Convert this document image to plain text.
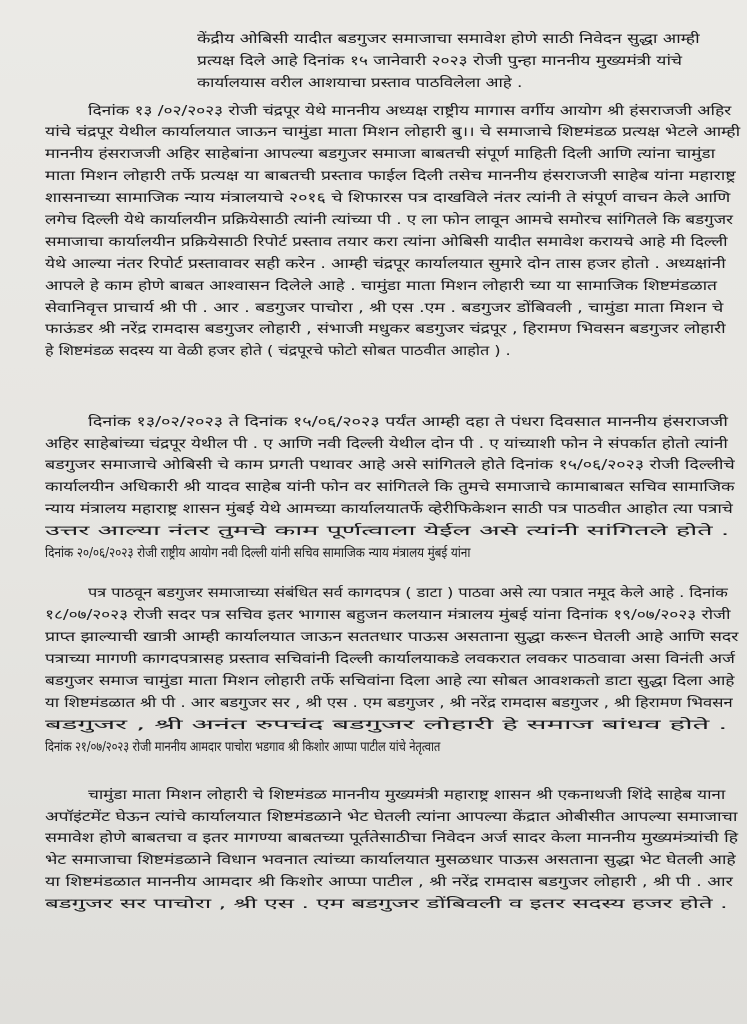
केंद्रीय ओबिसी यादीत बडगुजर समाजाचा समावेश होणे साठी निवेदन सुद्धा आम्ही
प्रत्यक्ष दिले आहे दिनांक १५ जानेवारी २०२३ रोजी पुन्हा माननीय मुख्यमंत्री यांचे
कार्यालयास वरील आशयाचा प्रस्ताव पाठविलेला आहे .
दिनांक १३ /०२/२०२३ रोजी चंद्रपूर येथे माननीय अध्यक्ष राष्ट्रीय मागास वर्गीय आयोग श्री हंसराजजी अहिर
यांचे चंद्रपूर येथील कार्यालयात जाऊन चामुंडा माता मिशन लोहारी बु।। चे समाजाचे शिष्टमंडळ प्रत्यक्ष भेटले आम्ही
माननीय हंसराजजी अहिर साहेबांना आपल्या बडगुजर समाजा बाबतची संपूर्ण माहिती दिली आणि त्यांना चामुंडा
माता मिशन लोहारी तर्फे प्रत्यक्ष या बाबतची प्रस्ताव फाईल दिली तसेच माननीय हंसराजजी साहेब यांना महाराष्ट्र
शासनाच्या सामाजिक न्याय मंत्रालयाचे २०१६ चे शिफारस पत्र दाखविले नंतर त्यांनी ते संपूर्ण वाचन केले आणि
लगेच दिल्ली येथे कार्यालयीन प्रक्रियेसाठी त्यांनी त्यांच्या पी . ए ला फोन लावून आमचे समोरच सांगितले कि बडगुजर
समाजाचा कार्यालयीन प्रक्रियेसाठी रिपोर्ट प्रस्ताव तयार करा त्यांना ओबिसी यादीत समावेश करायचे आहे मी दिल्ली
येथे आल्या नंतर रिपोर्ट प्रस्तावावर सही करेन . आम्ही चंद्रपूर कार्यालयात सुमारे दोन तास हजर होतो . अध्यक्षांनी
आपले हे काम होणे बाबत आश्वासन दिलेले आहे . चामुंडा माता मिशन लोहारी च्या या सामाजिक शिष्टमंडळात
सेवानिवृत्त प्राचार्य श्री पी . आर . बडगुजर पाचोरा , श्री एस .एम . बडगुजर डोंबिवली , चामुंडा माता मिशन चे
फाऊंडर श्री नरेंद्र रामदास बडगुजर लोहारी , संभाजी मधुकर बडगुजर चंद्रपूर , हिरामण भिवसन बडगुजर लोहारी
हे शिष्टमंडळ सदस्य या वेळी हजर होते ( चंद्रपूरचे फोटो सोबत पाठवीत आहोत ) .
दिनांक १३/०२/२०२३ ते दिनांक १५/०६/२०२३ पर्यंत आम्ही दहा ते पंधरा दिवसात माननीय हंसराजजी
अहिर साहेबांच्या चंद्रपूर येथील पी . ए आणि नवी दिल्ली येथील दोन पी . ए यांच्याशी फोन ने संपर्कात होतो त्यांनी
बडगुजर समाजाचे ओबिसी चे काम प्रगती पथावर आहे असे सांगितले होते दिनांक १५/०६/२०२३ रोजी दिल्लीचे
कार्यालयीन अधिकारी श्री यादव साहेब यांनी फोन वर सांगितले कि तुमचे समाजाचे कामाबाबत सचिव सामाजिक
न्याय मंत्रालय महाराष्ट्र शासन मुंबई येथे आमच्या कार्यालयातर्फे व्हेरीफिकेशन साठी पत्र पाठवीत आहोत त्या पत्राचे
उत्तर आल्या नंतर तुमचे काम पूर्णत्वाला येईल असे त्यांनी सांगितले होते .
दिनांक २०/०६/२०२३ रोजी राष्ट्रीय आयोग नवी दिल्ली यांनी सचिव सामाजिक न्याय मंत्रालय मुंबई यांना
पत्र पाठवून बडगुजर समाजाच्या संबंधित सर्व कागदपत्र ( डाटा ) पाठवा असे त्या पत्रात नमूद केले आहे . दिनांक
१८/०७/२०२३ रोजी सदर पत्र सचिव इतर भागास बहुजन कलयान मंत्रालय मुंबई यांना दिनांक १९/०७/२०२३ रोजी
प्राप्त झाल्याची खात्री आम्ही कार्यालयात जाऊन सततधार पाऊस असताना सुद्धा करून घेतली आहे आणि सदर
पत्राच्या मागणी कागदपत्रासह प्रस्ताव सचिवांनी दिल्ली कार्यालयाकडे लवकरात लवकर पाठवावा असा विनंती अर्ज
बडगुजर समाज चामुंडा माता मिशन लोहारी तर्फे सचिवांना दिला आहे त्या सोबत आवशकतो डाटा सुद्धा दिला आहे
या शिष्टमंडळात श्री पी . आर बडगुजर सर , श्री एस . एम बडगुजर , श्री नरेंद्र रामदास बडगुजर , श्री हिरामण भिवसन
बडगुजर , श्री अनंत रुपचंद बडगुजर लोहारी हे समाज बांधव होते .
दिनांक २१/०७/२०२३ रोजी माननीय आमदार पाचोरा भडगाव श्री किशोर आप्पा पाटील यांचे नेतृत्वात
चामुंडा माता मिशन लोहारी चे शिष्टमंडळ माननीय मुख्यमंत्री महाराष्ट्र शासन श्री एकनाथजी शिंदे साहेब याना
अपॉइंटमेंट घेऊन त्यांचे कार्यालयात शिष्टमंडळाने भेट घेतली त्यांना आपल्या केंद्रात ओबीसीत आपल्या समाजाचा
समावेश होणे बाबतचा व इतर मागण्या बाबतच्या पूर्ततेसाठीचा निवेदन अर्ज सादर केला माननीय मुख्यमंत्र्यांची हि
भेट समाजाचा शिष्टमंडळाने विधान भवनात त्यांच्या कार्यालयात मुसळधार पाऊस असताना सुद्धा भेट घेतली आहे
या शिष्टमंडळात माननीय आमदार श्री किशोर आप्पा पाटील , श्री नरेंद्र रामदास बडगुजर लोहारी , श्री पी . आर
बडगुजर सर पाचोरा , श्री एस . एम बडगुजर डोंबिवली व इतर सदस्य हजर होते .
